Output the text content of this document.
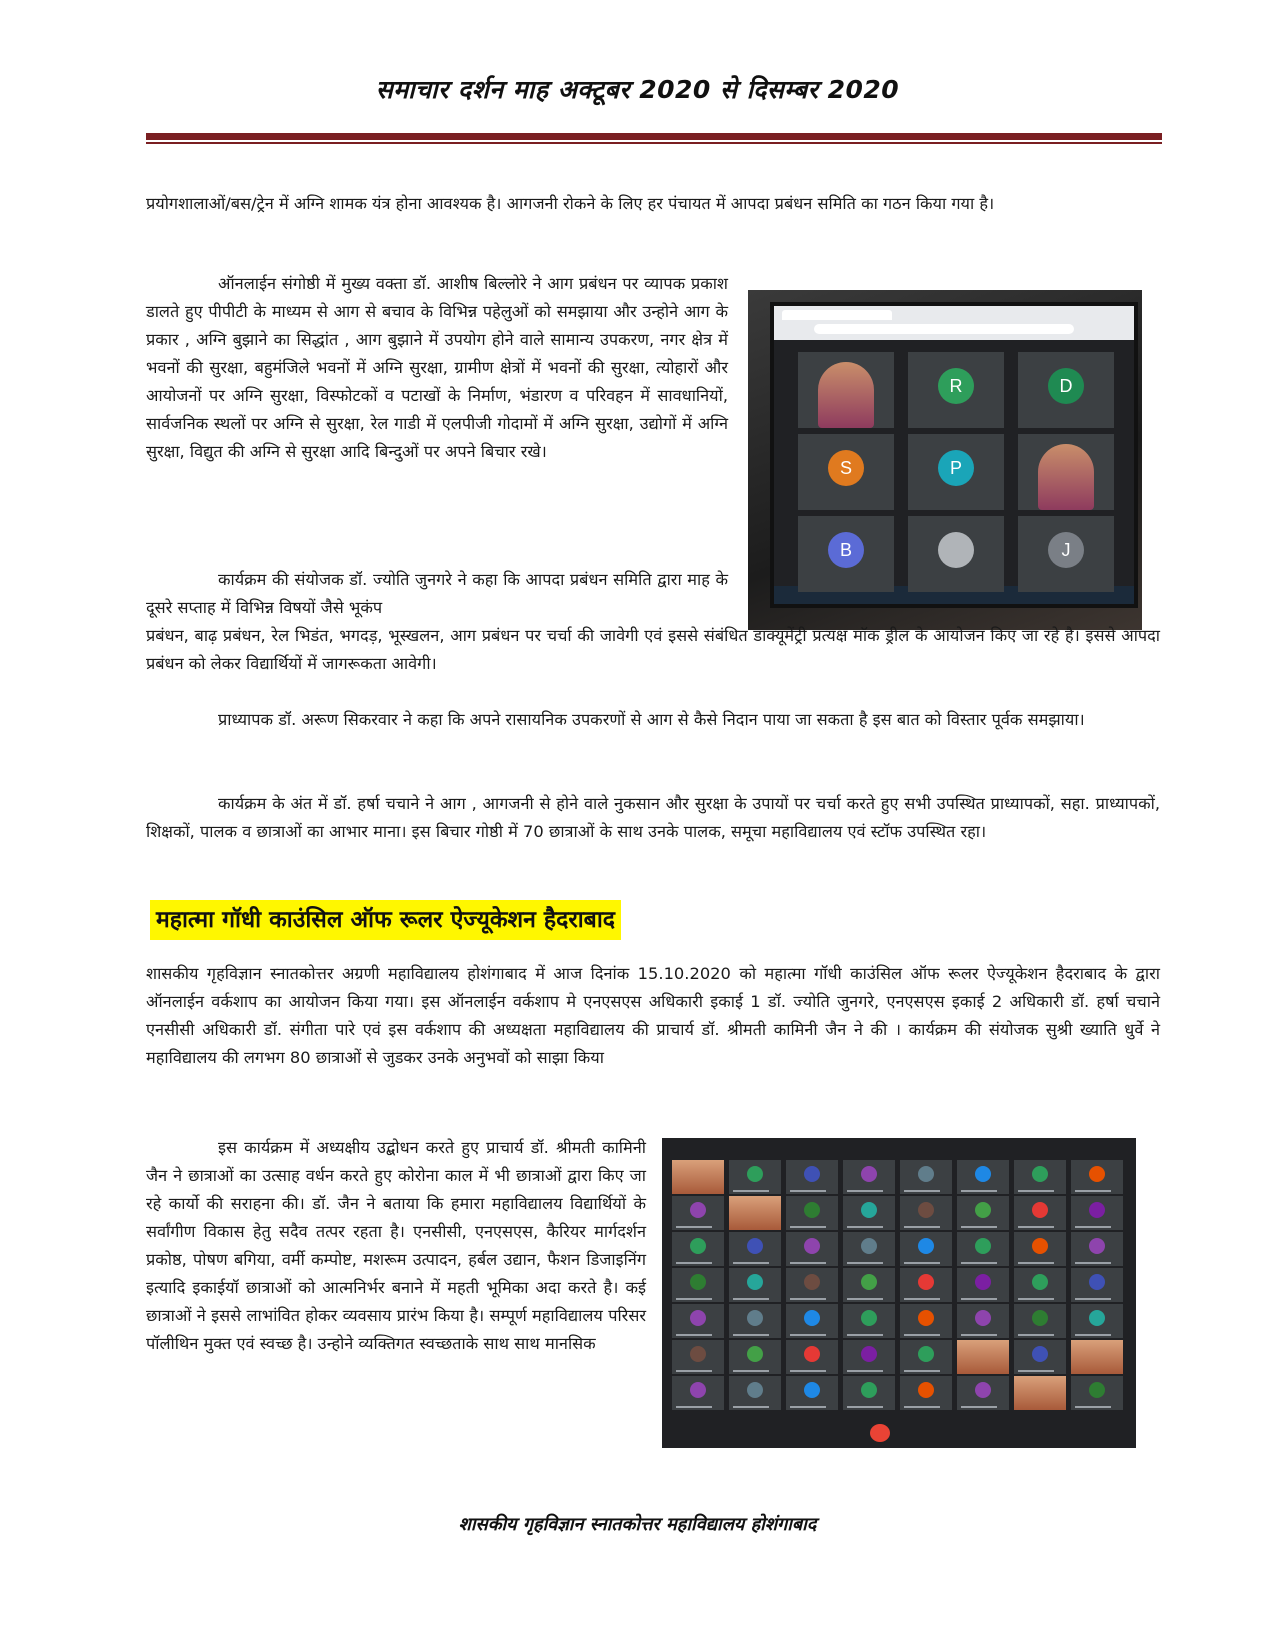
समाचार दर्शन माह अक्टूबर 2020 से दिसम्बर 2020

प्रयोगशालाओं/बस/ट्रेन में अग्नि शामक यंत्र होना आवश्यक है। आगजनी रोकने के लिए हर पंचायत में आपदा प्रबंधन समिति का गठन किया गया है।

ऑनलाईन संगोष्ठी में मुख्य वक्ता डॉ. आशीष बिल्लोरे ने आग प्रबंधन पर व्यापक प्रकाश डालते हुए पीपीटी के माध्यम से आग से बचाव के विभिन्न पहेलुओं को समझाया और उन्होने आग के प्रकार , अग्नि बुझाने का सिद्धांत , आग बुझाने में उपयोग होने वाले सामान्य उपकरण, नगर क्षेत्र में भवनों की सुरक्षा, बहुमंजिले भवनों में अग्नि सुरक्षा, ग्रामीण क्षेत्रों में भवनों की सुरक्षा, त्योहारों और आयोजनों पर अग्नि सुरक्षा, विस्फोटकों व पटाखों के निर्माण, भंडारण व परिवहन में सावधानियों, सार्वजनिक स्थलों पर अग्नि से सुरक्षा, रेल गाडी में एलपीजी गोदामों में अग्नि सुरक्षा, उद्योगों में अग्नि सुरक्षा, विद्युत की अग्नि से सुरक्षा आदि बिन्दुओं पर अपने बिचार रखे।

R	D
S	P
B	J

कार्यक्रम की संयोजक डॉ. ज्योति जुनगरे ने कहा कि आपदा प्रबंधन समिति द्वारा माह के दूसरे सप्ताह में विभिन्न विषयों जैसे भूकंप

प्रबंधन, बाढ़ प्रबंधन, रेल भिडंत, भगदड़, भूस्खलन, आग प्रबंधन पर चर्चा की जावेगी एवं इससे संबंधित डाक्यूमेंट्री प्रत्यक्ष मॉक ड्रील के आयोजन किए जा रहे है। इससे आपदा प्रबंधन को लेकर विद्यार्थियों में जागरूकता आवेगी।

प्राध्यापक डॉ. अरूण सिकरवार ने कहा कि अपने रासायनिक उपकरणों से आग से कैसे निदान पाया जा सकता है इस बात को विस्तार पूर्वक समझाया।

कार्यक्रम के अंत में डॉ. हर्षा चचाने ने आग , आगजनी से होने वाले नुकसान और सुरक्षा के उपायों पर चर्चा करते हुए सभी उपस्थित प्राध्यापकों, सहा. प्राध्यापकों, शिक्षकों, पालक व छात्राओं का आभार माना। इस बिचार गोष्ठी में 70 छात्राओं के साथ उनके पालक, समूचा महाविद्यालय एवं स्टॉफ उपस्थित रहा।

महात्मा गॉधी काउंसिल ऑफ रूलर ऐज्यूकेशन हैदराबाद

शासकीय गृहविज्ञान स्नातकोत्तर अग्रणी महाविद्यालय होशंगाबाद में आज दिनांक 15.10.2020 को महात्मा गॉधी काउंसिल ऑफ रूलर ऐज्यूकेशन हैदराबाद के द्वारा ऑनलाईन वर्कशाप का आयोजन किया गया। इस ऑनलाईन वर्कशाप मे एनएसएस अधिकारी इकाई 1 डॉ. ज्योति जुनगरे, एनएसएस इकाई 2 अधिकारी डॉ. हर्षा चचाने एनसीसी अधिकारी डॉ. संगीता पारे एवं इस वर्कशाप की अध्यक्षता महाविद्यालय की प्राचार्य डॉ. श्रीमती कामिनी जैन ने की । कार्यक्रम की संयोजक सुश्री ख्याति धुर्वे ने महाविद्यालय की लगभग 80 छात्राओं से जुडकर उनके अनुभवों को साझा किया

इस कार्यक्रम में अध्यक्षीय उद्बोधन करते हुए प्राचार्य डॉ. श्रीमती कामिनी जैन ने छात्राओं का उत्साह वर्धन करते हुए कोरोना काल में भी छात्राओं द्वारा किए जा रहे कार्यो की सराहना की। डॉ. जैन ने बताया कि हमारा महाविद्यालय विद्यार्थियों के सर्वांगीण विकास हेतु सदैव तत्पर रहता है। एनसीसी, एनएसएस, कैरियर मार्गदर्शन प्रकोष्ठ, पोषण बगिया, वर्मी कम्पोष्ट, मशरूम उत्पादन, हर्बल उद्यान, फैशन डिजाइनिंग इत्यादि इकाईयॉ छात्राओं को आत्मनिर्भर बनाने में महती भूमिका अदा करते है। कई छात्राओं ने इससे लाभांवित होकर व्यवसाय प्रारंभ किया है। सम्पूर्ण महाविद्यालय परिसर पॉलीथिन मुक्त एवं स्वच्छ है। उन्होने व्यक्तिगत स्वच्छताके साथ साथ मानसिक

शासकीय गृहविज्ञान स्नातकोत्तर महाविद्यालय होशंगाबाद
